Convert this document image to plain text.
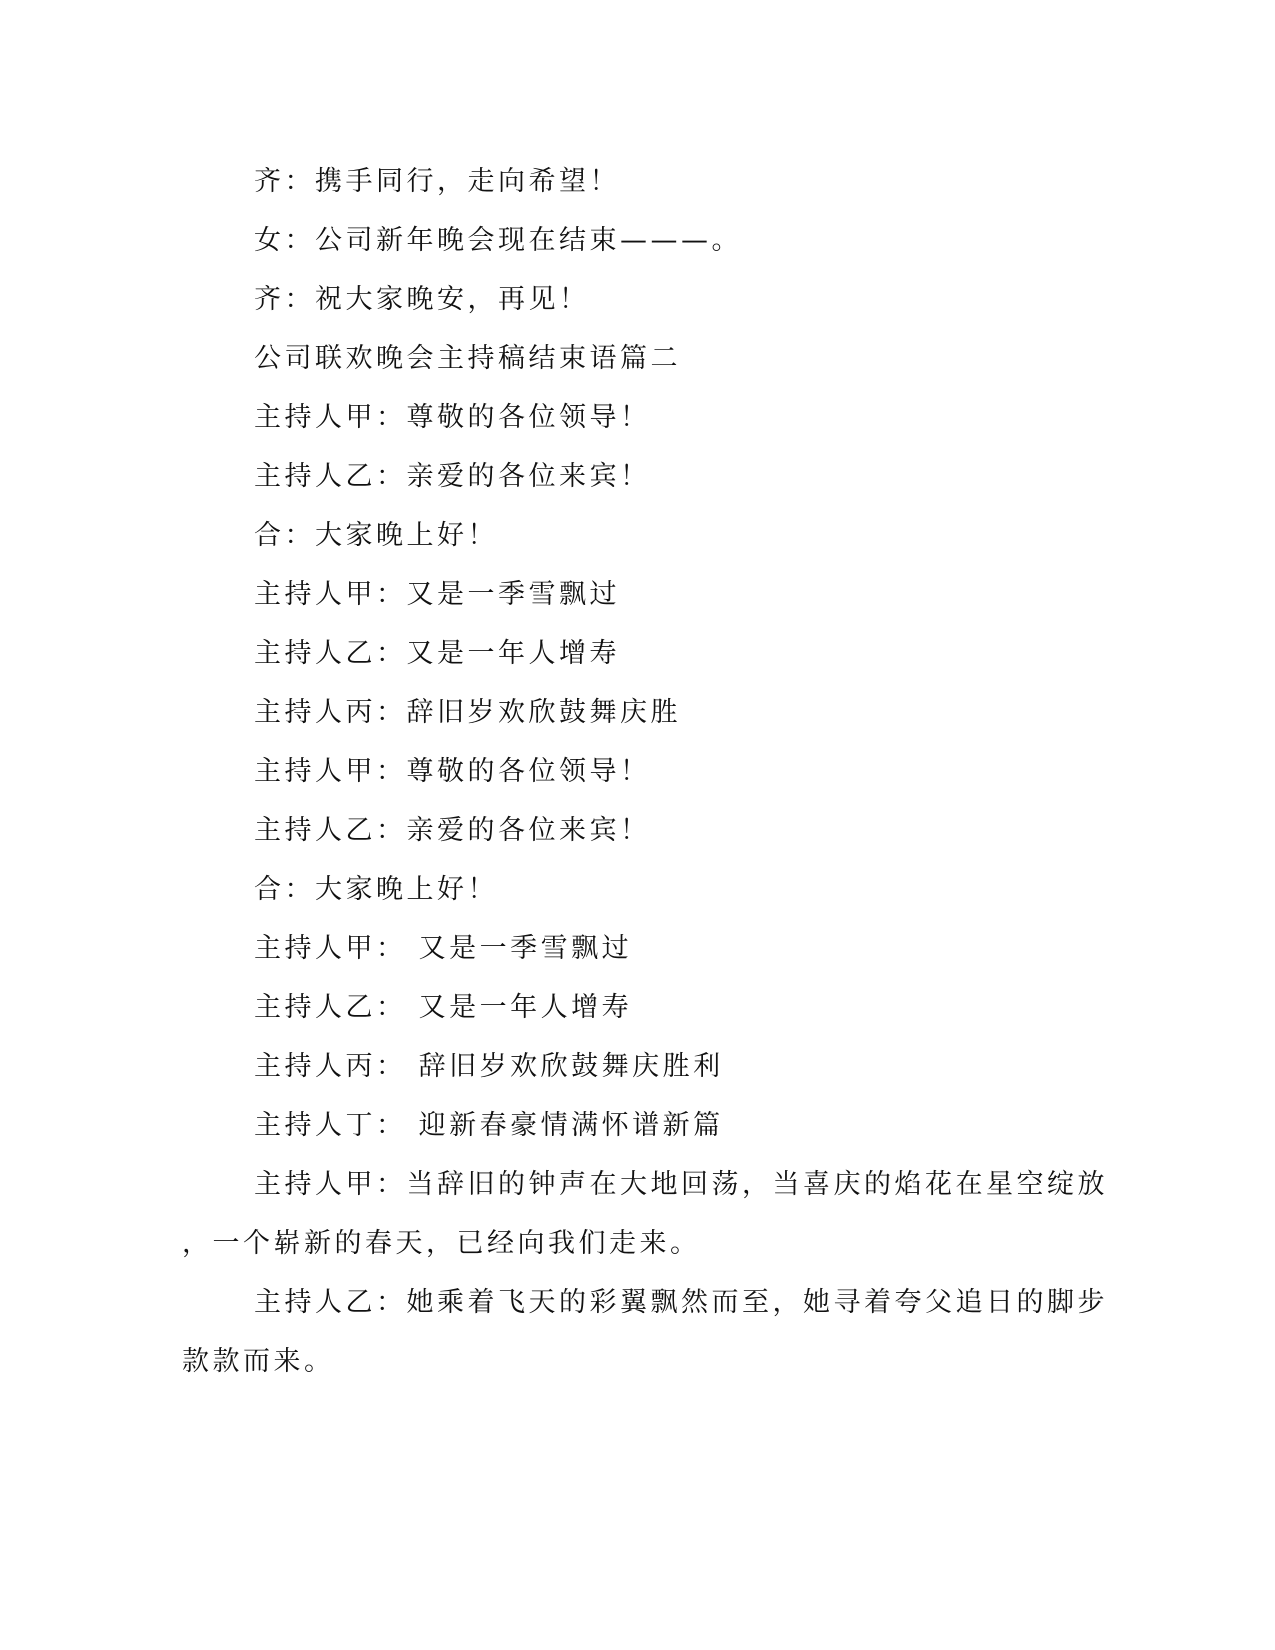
齐：携手同行，走向希望！
女：公司新年晚会现在结束———。
齐：祝大家晚安，再见！
公司联欢晚会主持稿结束语篇二
主持人甲：尊敬的各位领导！
主持人乙：亲爱的各位来宾！
合：大家晚上好！
主持人甲：又是一季雪飘过
主持人乙：又是一年人增寿
主持人丙：辞旧岁欢欣鼓舞庆胜
主持人甲：尊敬的各位领导！
主持人乙：亲爱的各位来宾！
合：大家晚上好！
主持人甲： 又是一季雪飘过
主持人乙： 又是一年人增寿
主持人丙： 辞旧岁欢欣鼓舞庆胜利
主持人丁： 迎新春豪情满怀谱新篇
主持人甲：当辞旧的钟声在大地回荡，当喜庆的焰花在星空绽放
，一个崭新的春天，已经向我们走来。
主持人乙：她乘着飞天的彩翼飘然而至，她寻着夸父追日的脚步
款款而来。
